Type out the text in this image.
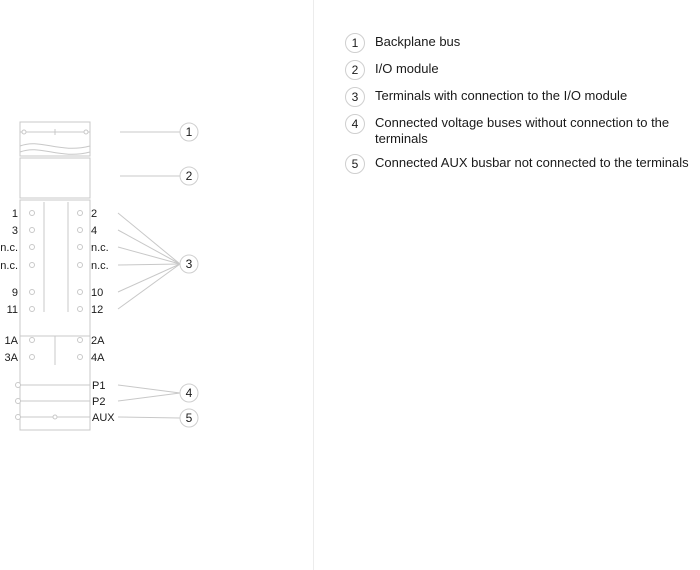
1
3
n.c.
n.c.
9
11
1A
3A
2
4
n.c.
n.c.
10
12
2A
4A
P1
P2
AUX
1
2
3
4
5
1	Backplane bus
2	I/O module
3	Terminals with connection to the I/O module
4	Connected voltage buses without connection to the terminals
5	Connected AUX busbar not connected to the terminals
